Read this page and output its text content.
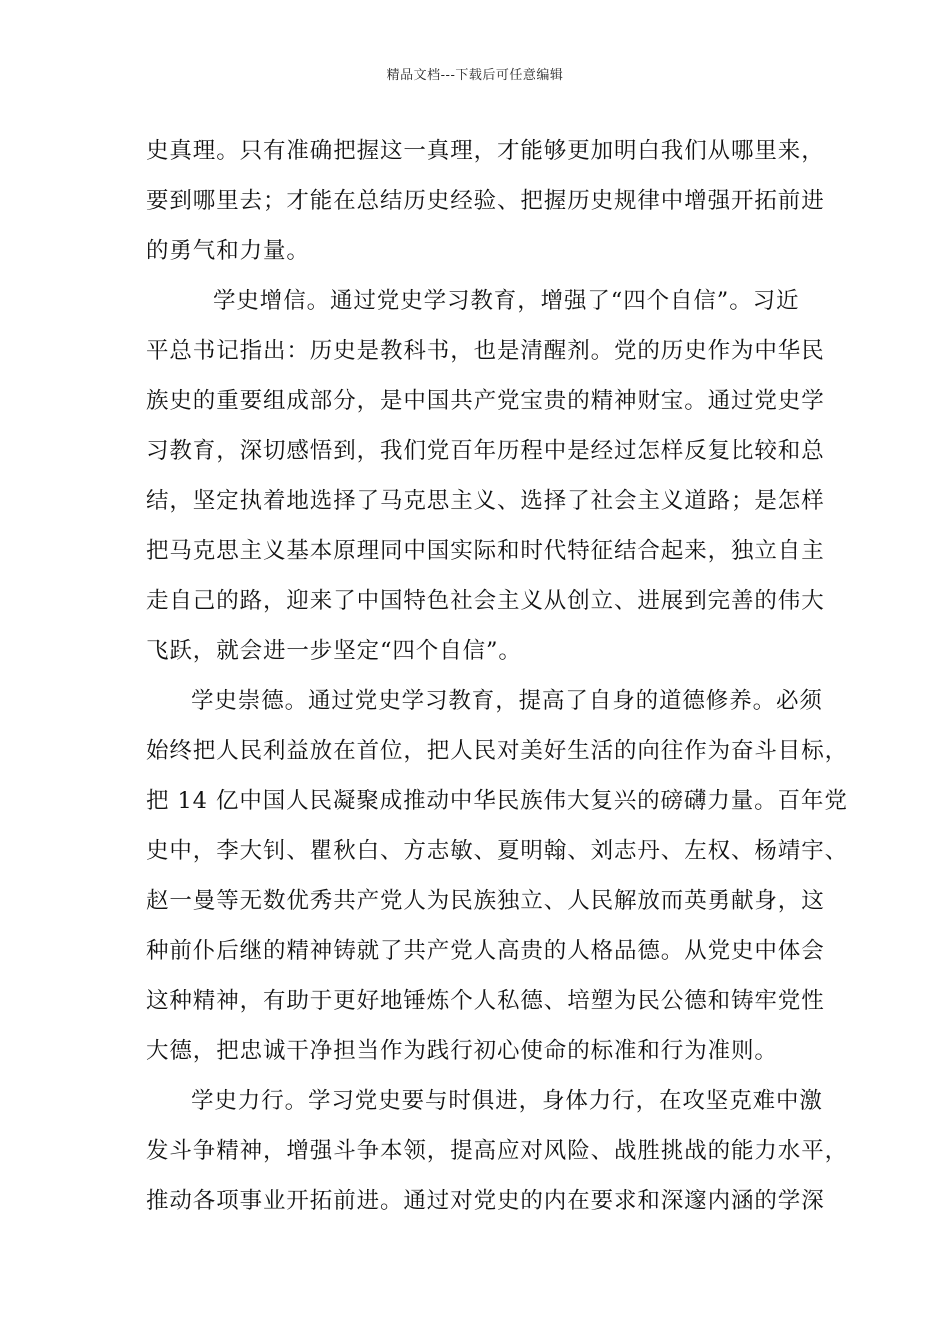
精品文档---下载后可任意编辑
史真理。只有准确把握这一真理，才能够更加明白我们从哪里来，
要到哪里去；才能在总结历史经验、把握历史规律中增强开拓前进
的勇气和力量。
学史增信。通过党史学习教育，增强了“四个自信”。习近
平总书记指出：历史是教科书，也是清醒剂。党的历史作为中华民
族史的重要组成部分，是中国共产党宝贵的精神财宝。通过党史学
习教育，深切感悟到，我们党百年历程中是经过怎样反复比较和总
结，坚定执着地选择了马克思主义、选择了社会主义道路；是怎样
把马克思主义基本原理同中国实际和时代特征结合起来，独立自主
走自己的路，迎来了中国特色社会主义从创立、进展到完善的伟大
飞跃，就会进一步坚定“四个自信”。
学史崇德。通过党史学习教育，提高了自身的道德修养。必须
始终把人民利益放在首位，把人民对美好生活的向往作为奋斗目标，
把 14 亿中国人民凝聚成推动中华民族伟大复兴的磅礴力量。百年党
史中，李大钊、瞿秋白、方志敏、夏明翰、刘志丹、左权、杨靖宇、
赵一曼等无数优秀共产党人为民族独立、人民解放而英勇献身，这
种前仆后继的精神铸就了共产党人高贵的人格品德。从党史中体会
这种精神，有助于更好地锤炼个人私德、培塑为民公德和铸牢党性
大德，把忠诚干净担当作为践行初心使命的标准和行为准则。
学史力行。学习党史要与时俱进，身体力行，在攻坚克难中激
发斗争精神，增强斗争本领，提高应对风险、战胜挑战的能力水平，
推动各项事业开拓前进。通过对党史的内在要求和深邃内涵的学深
